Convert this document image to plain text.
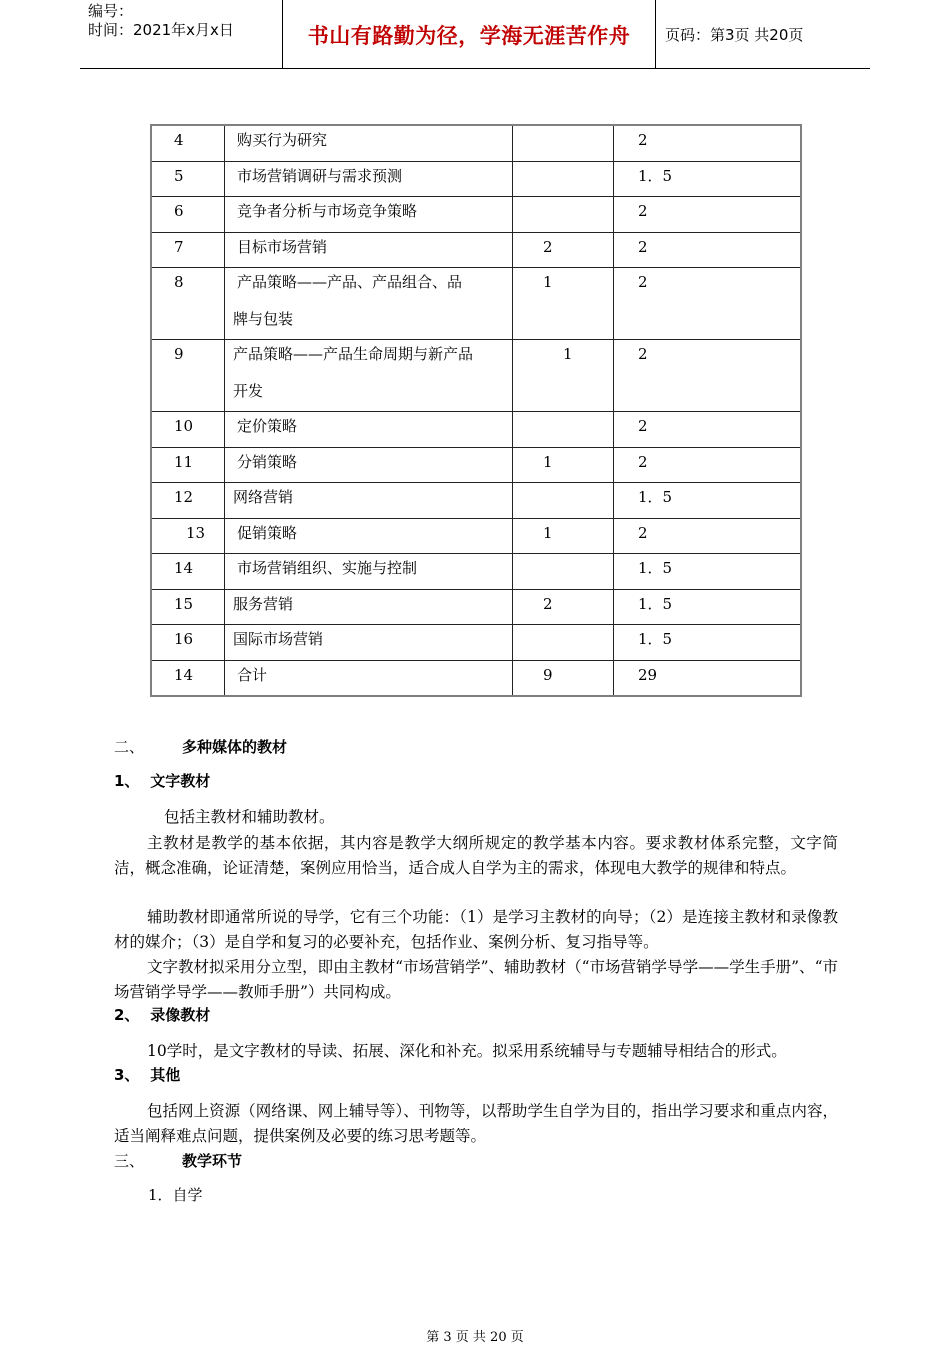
编号：
时间：2021年x月x日	书山有路勤为径，学海无涯苦作舟	页码：第3页 共20页
4	购买行为研究		2

5	市场营销调研与需求预测		1．5

6	竞争者分析与市场竞争策略		2

7	目标市场营销	2	2

8	产品策略——产品、产品组合、品
牌与包装	1	2

9	产品策略——产品生命周期与新产品
开发	1	2

10	定价策略		2

11	分销策略	1	2

12	网络营销		1．5

13	促销策略	1	2

14	市场营销组织、实施与控制		1．5

15	服务营销	2	1．5

16	国际市场营销		1．5

14	合计	9	29
二、	多种媒体的教材
1、 文字教材
包括主教材和辅助教材。
主教材是教学的基本依据，其内容是教学大纲所规定的教学基本内容。要求教材体系完整，文字简洁，概念准确，论证清楚，案例应用恰当，适合成人自学为主的需求，体现电大教学的规律和特点。
辅助教材即通常所说的导学，它有三个功能：（1）是学习主教材的向导；（2）是连接主教材和录像教材的媒介；（3）是自学和复习的必要补充，包括作业、案例分析、复习指导等。
文字教材拟采用分立型，即由主教材“市场营销学”、辅助教材（“市场营销学导学——学生手册”、“市场营销学导学——教师手册”）共同构成。
2、 录像教材
10学时，是文字教材的导读、拓展、深化和补充。拟采用系统辅导与专题辅导相结合的形式。
3、 其他
包括网上资源（网络课、网上辅导等）、刊物等，以帮助学生自学为目的，指出学习要求和重点内容，适当阐释难点问题，提供案例及必要的练习思考题等。
三、	教学环节
1．自学
第 3 页 共 20 页
